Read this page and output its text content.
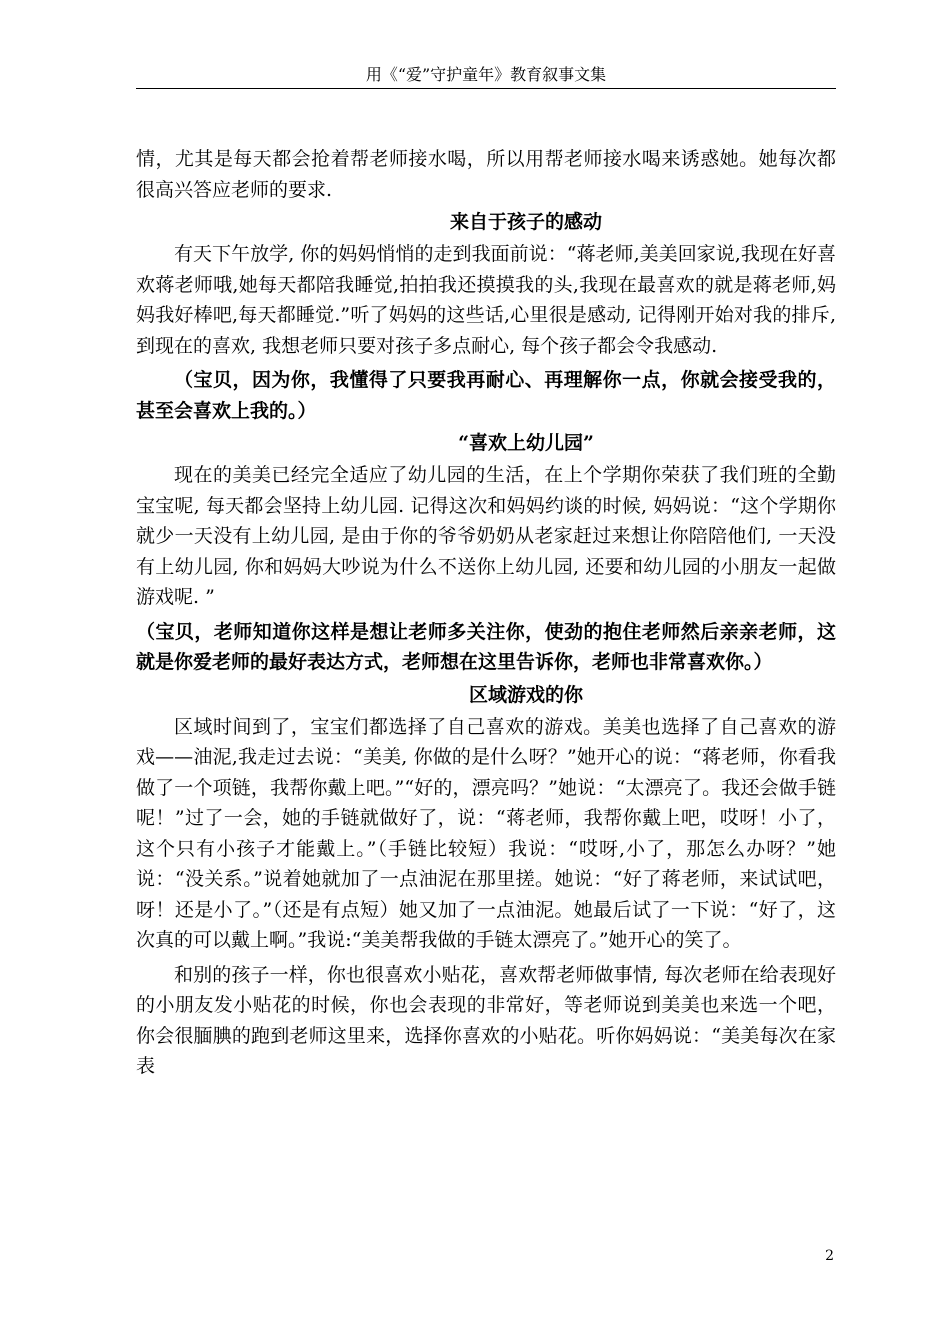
用《“爱”守护童年》教育叙事文集

情，尤其是每天都会抢着帮老师接水喝，所以用帮老师接水喝来诱惑她。她每次都很高兴答应老师的要求.

来自于孩子的感动

有天下午放学, 你的妈妈悄悄的走到我面前说：“蒋老师,美美回家说,我现在好喜欢蒋老师哦,她每天都陪我睡觉,拍拍我还摸摸我的头,我现在最喜欢的就是蒋老师,妈妈我好棒吧,每天都睡觉.”听了妈妈的这些话,心里很是感动, 记得刚开始对我的排斥, 到现在的喜欢, 我想老师只要对孩子多点耐心, 每个孩子都会令我感动.

（宝贝，因为你，我懂得了只要我再耐心、再理解你一点，你就会接受我的，甚至会喜欢上我的。）

“喜欢上幼儿园”

现在的美美已经完全适应了幼儿园的生活，在上个学期你荣获了我们班的全勤宝宝呢, 每天都会坚持上幼儿园. 记得这次和妈妈约谈的时候, 妈妈说：“这个学期你就少一天没有上幼儿园, 是由于你的爷爷奶奶从老家赶过来想让你陪陪他们, 一天没有上幼儿园, 你和妈妈大吵说为什么不送你上幼儿园, 还要和幼儿园的小朋友一起做游戏呢. ”

（宝贝，老师知道你这样是想让老师多关注你，使劲的抱住老师然后亲亲老师，这就是你爱老师的最好表达方式，老师想在这里告诉你，老师也非常喜欢你。）

区域游戏的你

区域时间到了，宝宝们都选择了自己喜欢的游戏。美美也选择了自己喜欢的游戏——油泥,我走过去说：“美美, 你做的是什么呀？”她开心的说：“蒋老师，你看我做了一个项链，我帮你戴上吧。”“好的，漂亮吗？”她说：“太漂亮了。我还会做手链呢！”过了一会，她的手链就做好了，说：“蒋老师，我帮你戴上吧，哎呀！小了，这个只有小孩子才能戴上。”（手链比较短）我说：“哎呀,小了，那怎么办呀？”她说：“没关系。”说着她就加了一点油泥在那里搓。她说：“好了蒋老师，来试试吧，呀！还是小了。”（还是有点短）她又加了一点油泥。她最后试了一下说：“好了，这次真的可以戴上啊。”我说:“美美帮我做的手链太漂亮了。”她开心的笑了。

和别的孩子一样，你也很喜欢小贴花，喜欢帮老师做事情, 每次老师在给表现好的小朋友发小贴花的时候，你也会表现的非常好，等老师说到美美也来选一个吧，你会很腼腆的跑到老师这里来，选择你喜欢的小贴花。听你妈妈说：“美美每次在家表

2
